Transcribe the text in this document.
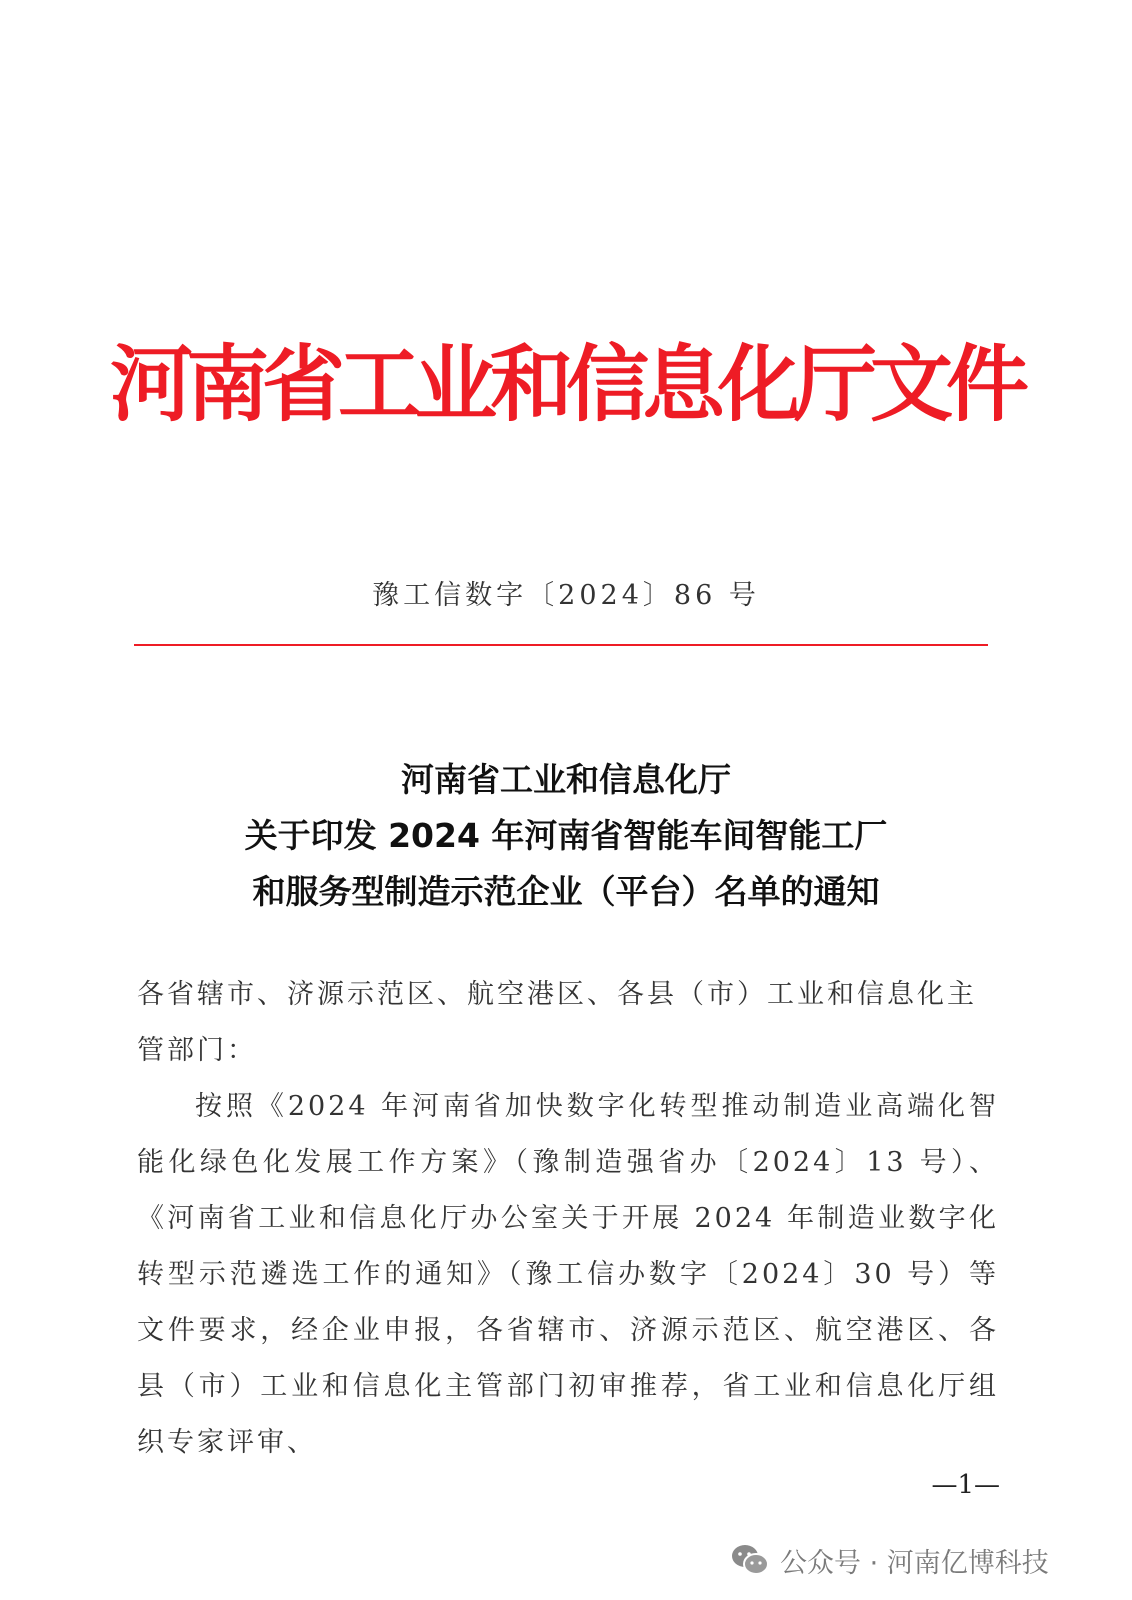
河南省工业和信息化厅文件
豫工信数字〔2024〕86 号
河南省工业和信息化厅
关于印发 2024 年河南省智能车间智能工厂
和服务型制造示范企业（平台）名单的通知

各省辖市、济源示范区、航空港区、各县（市）工业和信息化主

管部门：

按照《2024 年河南省加快数字化转型推动制造业高端化智能化绿色化发展工作方案》（豫制造强省办〔2024〕13 号）、《河南省工业和信息化厅办公室关于开展 2024 年制造业数字化转型示范遴选工作的通知》（豫工信办数字〔2024〕30 号）等文件要求，经企业申报，各省辖市、济源示范区、航空港区、各县（市）工业和信息化主管部门初审推荐，省工业和信息化厅组织专家评审、

—1—
公众号 · 河南亿博科技
